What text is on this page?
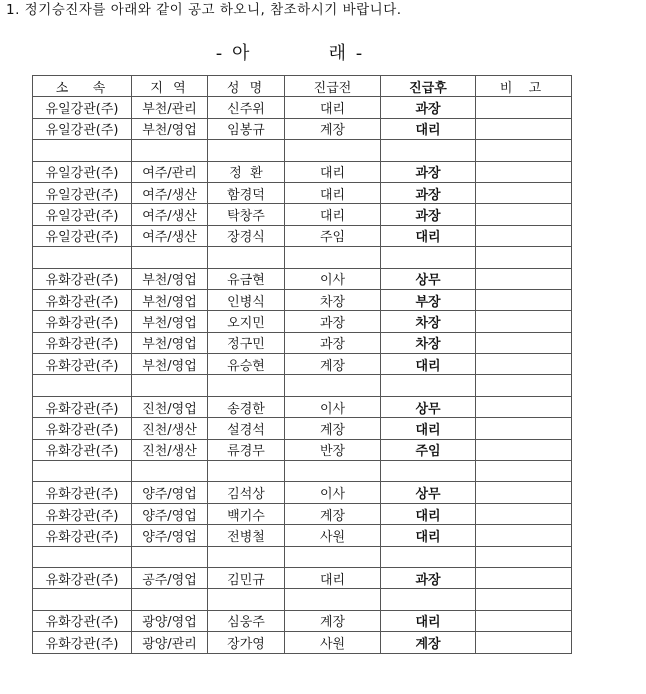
1. 정기승진자를 아래와 같이 공고 하오니, 참조하시기 바랍니다.
- 아          래 -
소   속	지 역	성 명	진급전	진급후	비 고
유일강관(주)	부천/관리	신주위	대리	과장	
유일강관(주)	부천/영업	임봉규	계장	대리	

유일강관(주)	여주/관리	정  환	대리	과장	
유일강관(주)	여주/생산	함경덕	대리	과장	
유일강관(주)	여주/생산	탁창주	대리	과장	
유일강관(주)	여주/생산	장경식	주임	대리	

유화강관(주)	부천/영업	유금현	이사	상무	
유화강관(주)	부천/영업	인병식	차장	부장	
유화강관(주)	부천/영업	오지민	과장	차장	
유화강관(주)	부천/영업	정구민	과장	차장	
유화강관(주)	부천/영업	유승현	계장	대리	

유화강관(주)	진천/영업	송경한	이사	상무	
유화강관(주)	진천/생산	설경석	계장	대리	
유화강관(주)	진천/생산	류경무	반장	주임	

유화강관(주)	양주/영업	김석상	이사	상무	
유화강관(주)	양주/영업	백기수	계장	대리	
유화강관(주)	양주/영업	전병철	사원	대리	

유화강관(주)	공주/영업	김민규	대리	과장	

유화강관(주)	광양/영업	심웅주	계장	대리	
유화강관(주)	광양/관리	장가영	사원	계장	
